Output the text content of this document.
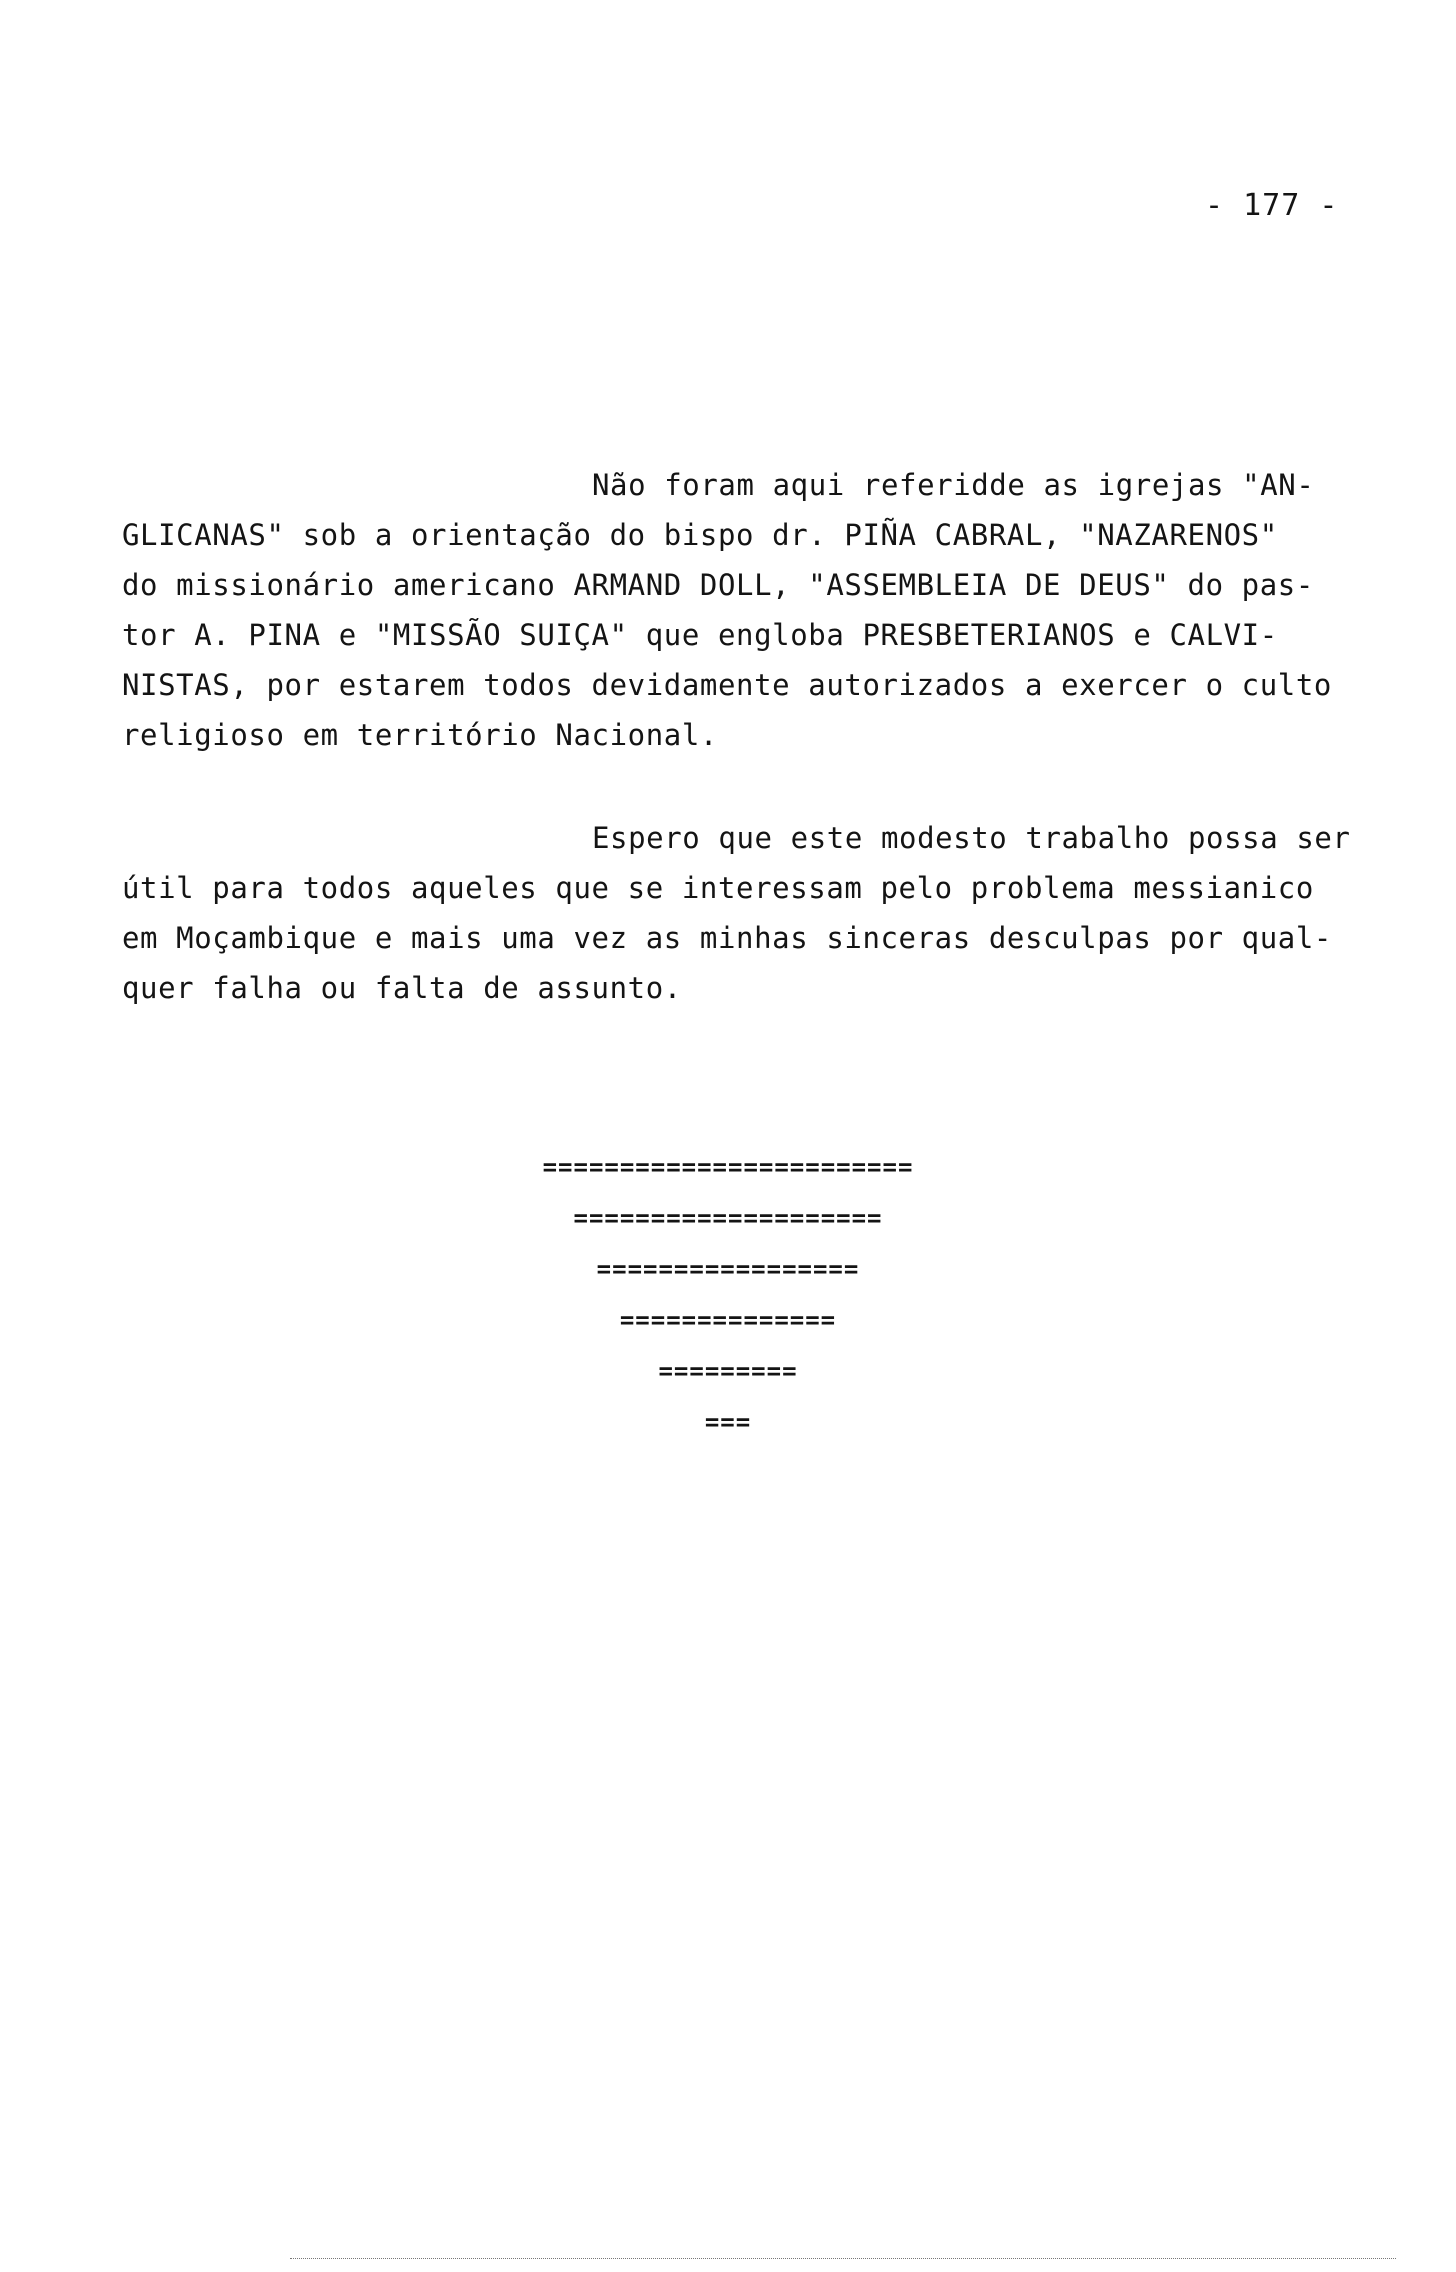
- 177 -
Não foram aqui referidde as igrejas "AN-
GLICANAS" sob a orientação do bispo dr. PIÑA CABRAL, "NAZARENOS"
do missionário americano ARMAND DOLL, "ASSEMBLEIA DE DEUS" do pas-
tor A. PINA e "MISSÃO SUIÇA" que engloba PRESBETERIANOS e CALVI-
NISTAS, por estarem todos devidamente autorizados a exercer o culto
religioso em território Nacional.
Espero que este modesto trabalho possa ser
útil para todos aqueles que se interessam pelo problema messianico
em Moçambique e mais uma vez as minhas sinceras desculpas por qual-
quer falha ou falta de assunto.
========================
====================
=================
==============
=========
===
